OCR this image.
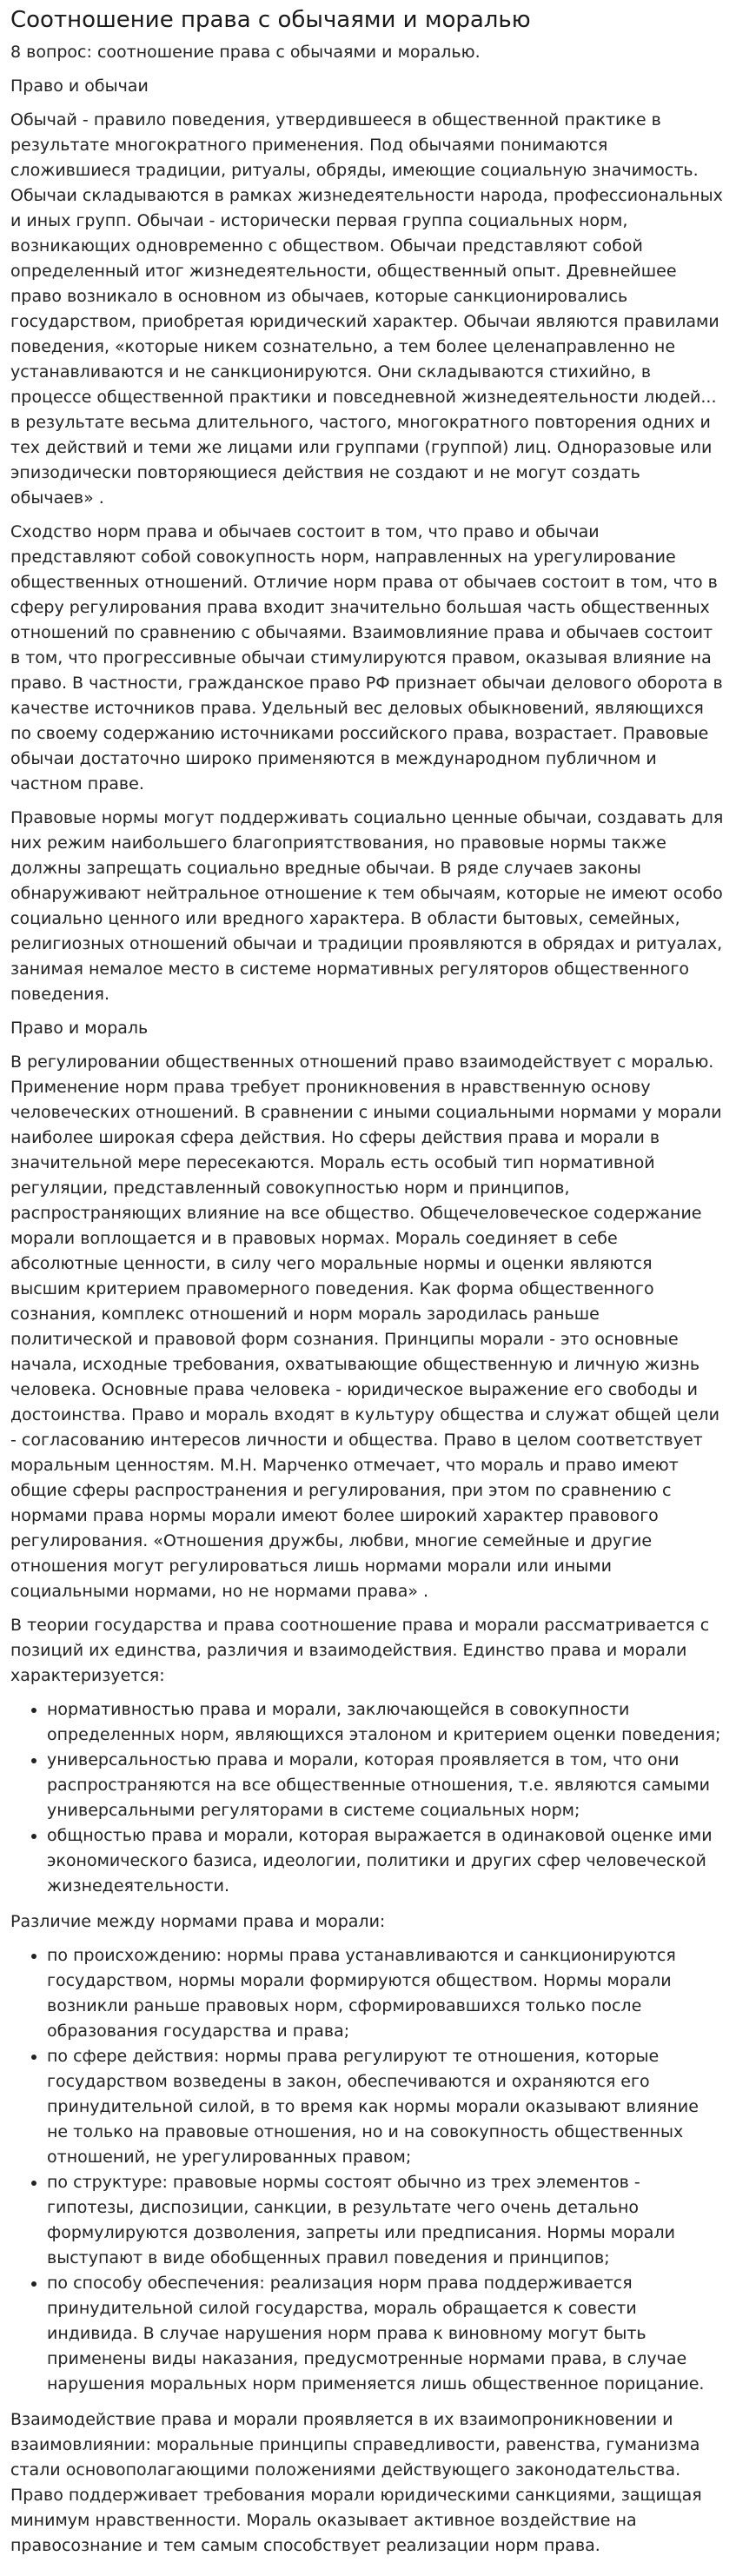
Соотношение права с обычаями и моралью

8 вопрос: соотношение права с обычаями и моралью.

Право и обычаи

Обычай - правило поведения, утвердившееся в общественной практике в результате многократного применения. Под обычаями понимаются сложившиеся традиции, ритуалы, обряды, имеющие социальную значимость. Обычаи складываются в рамках жизнедеятельности народа, профессиональных и иных групп. Обычаи - исторически первая группа социальных норм, возникающих одновременно с обществом. Обычаи представляют собой определенный итог жизнедеятельности, общественный опыт. Древнейшее право возникало в основном из обычаев, которые санкционировались государством, приобретая юридический характер. Обычаи являются правилами поведения, «которые никем сознательно, а тем более целенаправленно не устанавливаются и не санкционируются. Они складываются стихийно, в процессе общественной практики и повседневной жизнедеятельности людей... в результате весьма длительного, частого, многократного повторения одних и тех действий и теми же лицами или группами (группой) лиц. Одноразовые или эпизодически повторяющиеся действия не создают и не могут создать обычаев» .

Сходство норм права и обычаев состоит в том, что право и обычаи представляют собой совокупность норм, направленных на урегулирование общественных отношений. Отличие норм права от обычаев состоит в том, что в сферу регулирования права входит значительно большая часть общественных отношений по сравнению с обычаями. Взаимовлияние права и обычаев состоит в том, что прогрессивные обычаи стимулируются правом, оказывая влияние на право. В частности, гражданское право РФ признает обычаи делового оборота в качестве источников права. Удельный вес деловых обыкновений, являющихся по своему содержанию источниками российского права, возрастает. Правовые обычаи достаточно широко применяются в международном публичном и частном праве.

Правовые нормы могут поддерживать социально ценные обычаи, создавать для них режим наибольшего благоприятствования, но правовые нормы также должны запрещать социально вредные обычаи. В ряде случаев законы обнаруживают нейтральное отношение к тем обычаям, которые не имеют особо социально ценного или вредного характера. В области бытовых, семейных, религиозных отношений обычаи и традиции проявляются в обрядах и ритуалах, занимая немалое место в системе нормативных регуляторов общественного поведения.

Право и мораль

В регулировании общественных отношений право взаимодействует с моралью. Применение норм права требует проникновения в нравственную основу человеческих отношений. В сравнении с иными социальными нормами у морали наиболее широкая сфера действия. Но сферы действия права и морали в значительной мере пересекаются. Мораль есть особый тип нормативной регуляции, представленный совокупностью норм и принципов, распространяющих влияние на все общество. Общечеловеческое содержание морали воплощается и в правовых нормах. Мораль соединяет в себе абсолютные ценности, в силу чего моральные нормы и оценки являются высшим критерием правомерного поведения. Как форма общественного сознания, комплекс отношений и норм мораль зародилась раньше политической и правовой форм сознания. Принципы морали - это основные начала, исходные требования, охватывающие общественную и личную жизнь человека. Основные права человека - юридическое выражение его свободы и достоинства. Право и мораль входят в культуру общества и служат общей цели - согласованию интересов личности и общества. Право в целом соответствует моральным ценностям. М.Н. Марченко отмечает, что мораль и право имеют общие сферы распространения и регулирования, при этом по сравнению с нормами права нормы морали имеют более широкий характер правового регулирования. «Отношения дружбы, любви, многие семейные и другие отношения могут регулироваться лишь нормами морали или иными социальными нормами, но не нормами права» .

В теории государства и права соотношение права и морали рассматривается с позиций их единства, различия и взаимодействия. Единство права и морали характеризуется:

• нормативностью права и морали, заключающейся в совокупности определенных норм, являющихся эталоном и критерием оценки поведения;
• универсальностью права и морали, которая проявляется в том, что они распространяются на все общественные отношения, т.е. являются самыми универсальными регуляторами в системе социальных норм;
• общностью права и морали, которая выражается в одинаковой оценке ими экономического базиса, идеологии, политики и других сфер человеческой жизнедеятельности.

Различие между нормами права и морали:

• по происхождению: нормы права устанавливаются и санкционируются государством, нормы морали формируются обществом. Нормы морали возникли раньше правовых норм, сформировавшихся только после образования государства и права;
• по сфере действия: нормы права регулируют те отношения, которые государством возведены в закон, обеспечиваются и охраняются его принудительной силой, в то время как нормы морали оказывают влияние не только на правовые отношения, но и на совокупность общественных отношений, не урегулированных правом;
• по структуре: правовые нормы состоят обычно из трех элементов - гипотезы, диспозиции, санкции, в результате чего очень детально формулируются дозволения, запреты или предписания. Нормы морали выступают в виде обобщенных правил поведения и принципов;
• по способу обеспечения: реализация норм права поддерживается принудительной силой государства, мораль обращается к совести индивида. В случае нарушения норм права к виновному могут быть применены виды наказания, предусмотренные нормами права, в случае нарушения моральных норм применяется лишь общественное порицание.

Взаимодействие права и морали проявляется в их взаимопроникновении и взаимовлиянии: моральные принципы справедливости, равенства, гуманизма стали основополагающими положениями действующего законодательства. Право поддерживает требования морали юридическими санкциями, защищая минимум нравственности. Мораль оказывает активное воздействие на правосознание и тем самым способствует реализации норм права.
